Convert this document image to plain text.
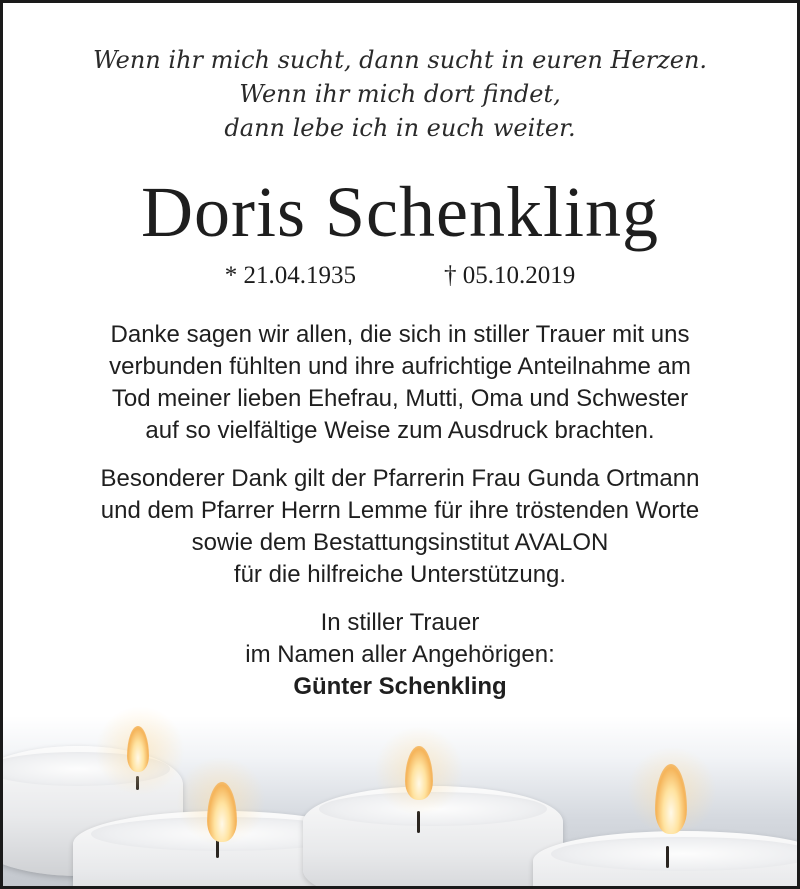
Wenn ihr mich sucht, dann sucht in euren Herzen.
Wenn ihr mich dort findet,
dann lebe ich in euch weiter.
Doris Schenkling
* 21.04.1935	† 05.10.2019
Danke sagen wir allen, die sich in stiller Trauer mit uns
verbunden fühlten und ihre aufrichtige Anteilnahme am
Tod meiner lieben Ehefrau, Mutti, Oma und Schwester
auf so vielfältige Weise zum Ausdruck brachten.
Besonderer Dank gilt der Pfarrerin Frau Gunda Ortmann
und dem Pfarrer Herrn Lemme für ihre tröstenden Worte
sowie dem Bestattungsinstitut AVALON
für die hilfreiche Unterstützung.
In stiller Trauer
im Namen aller Angehörigen:
Günter Schenkling
